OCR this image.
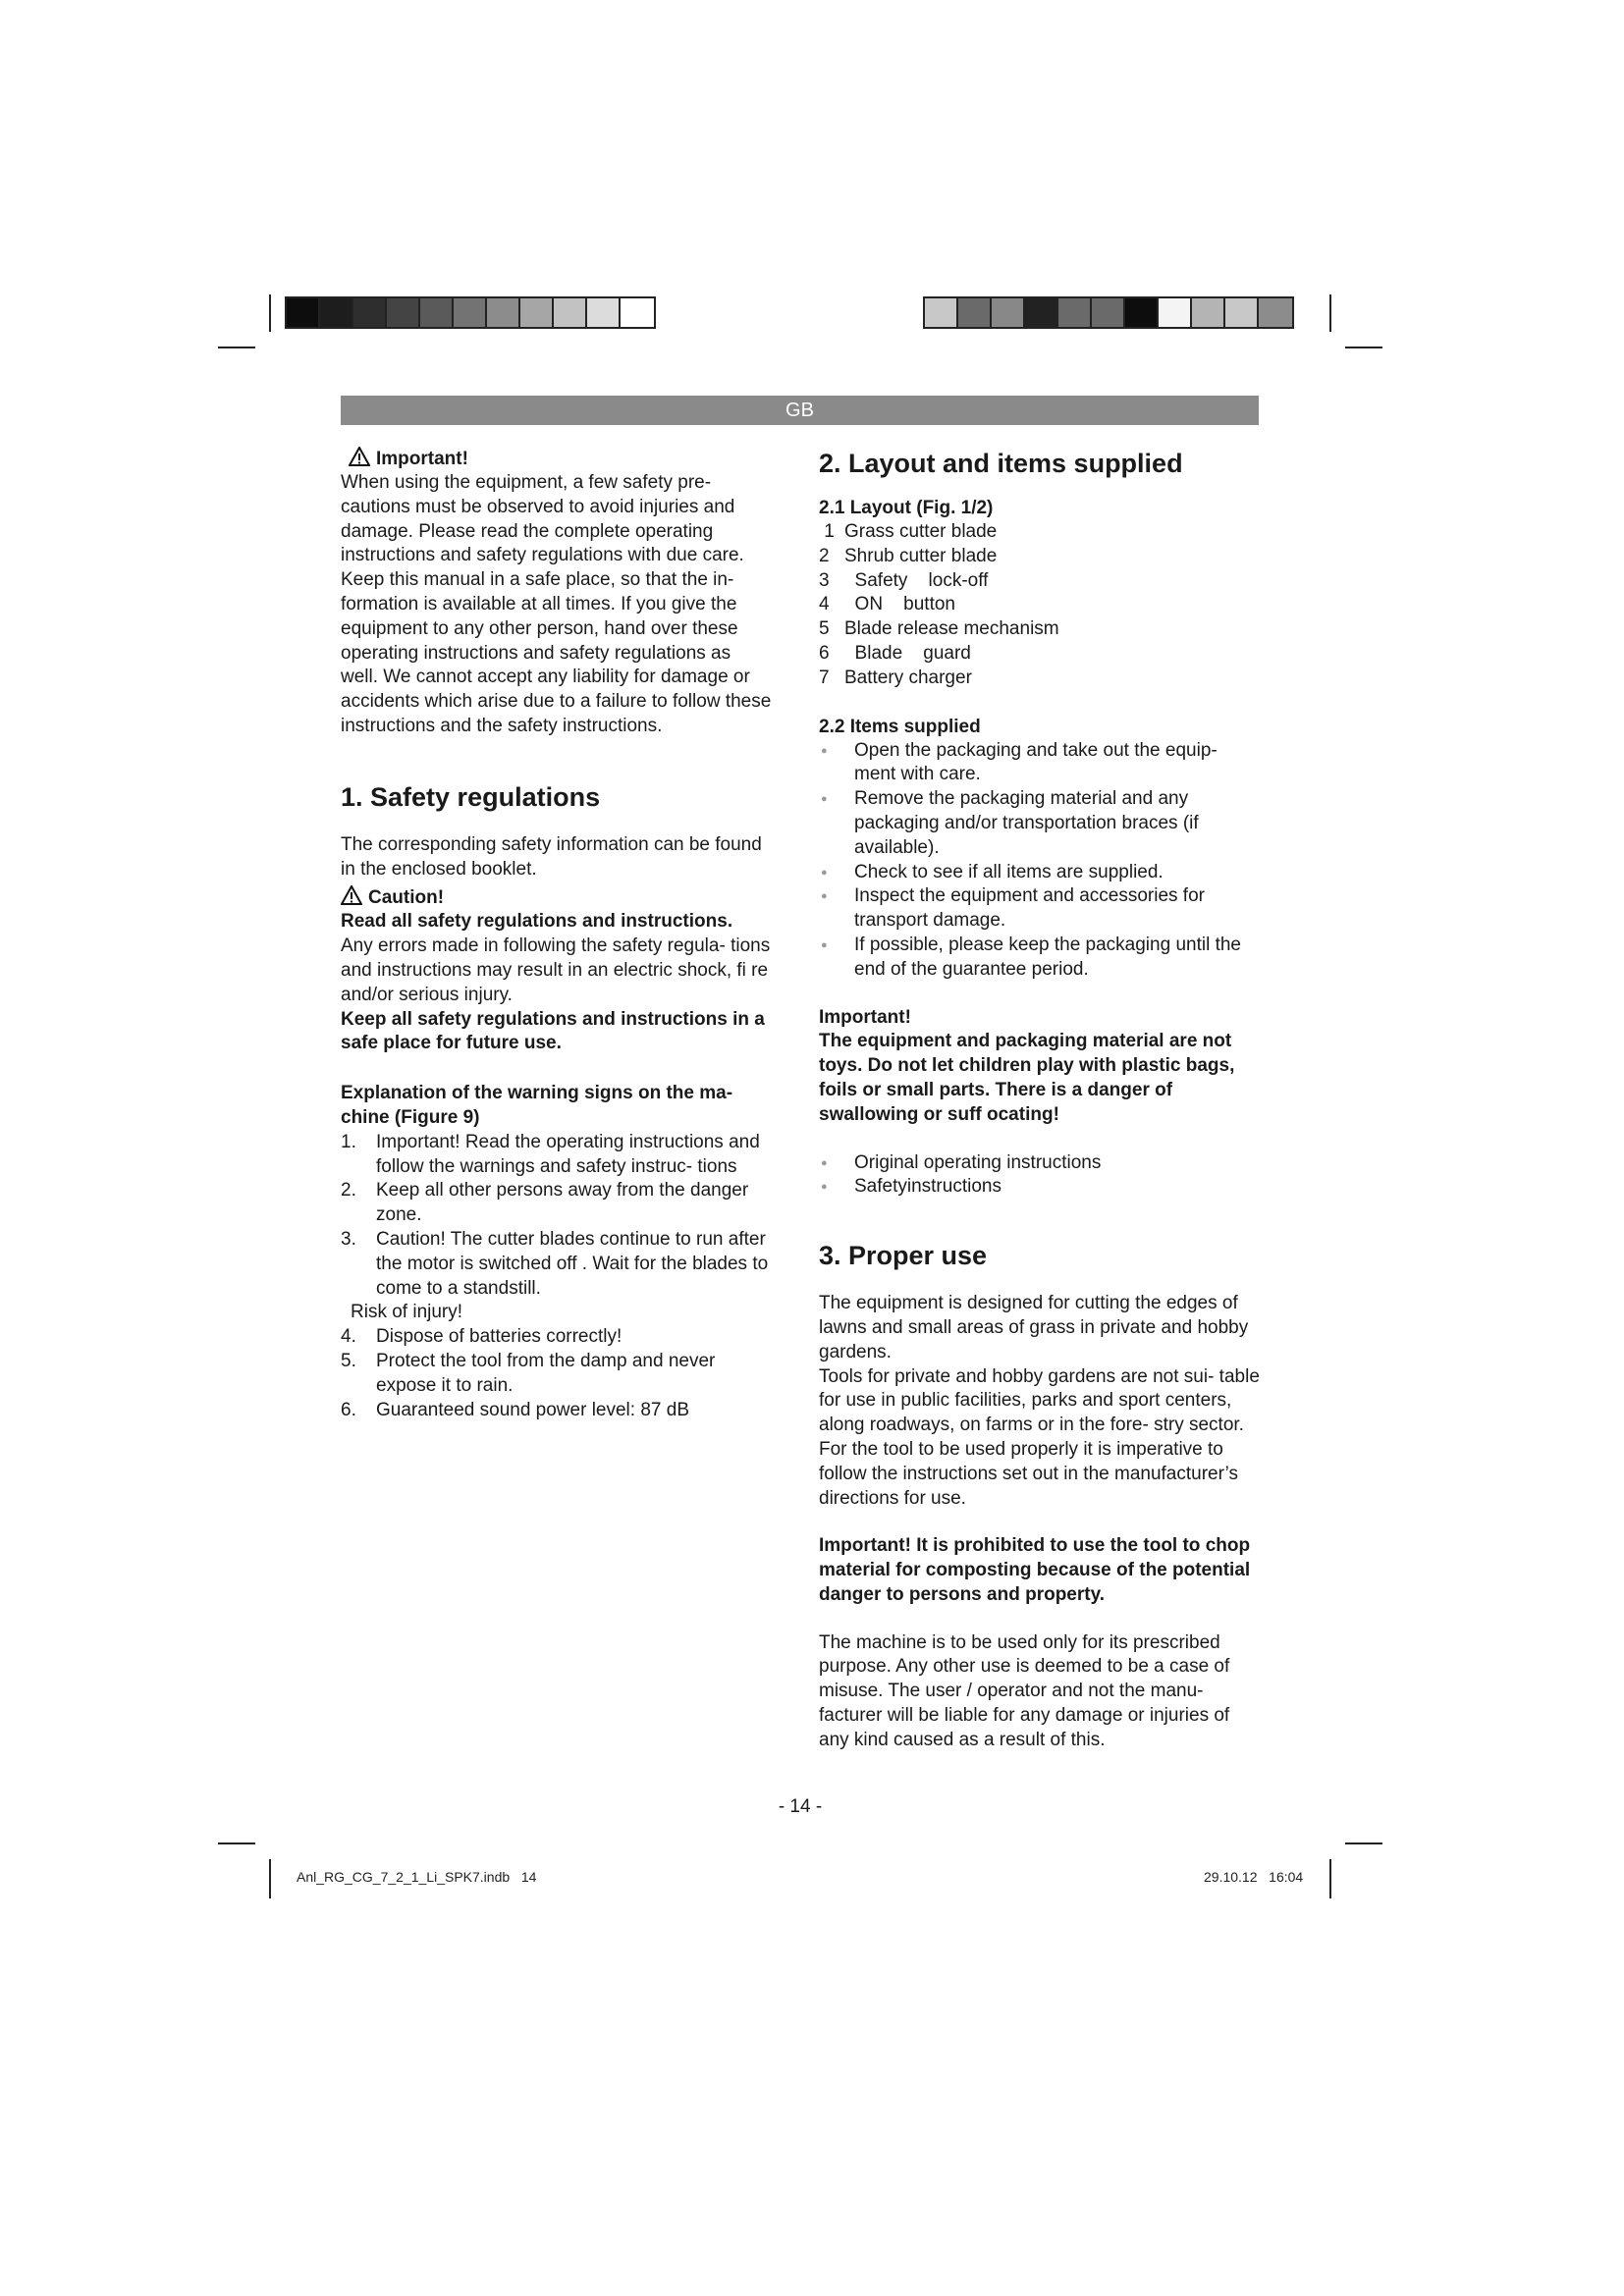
GB
Important!

When using the equipment, a few safety pre- cautions must be observed to avoid injuries and damage. Please read the complete operating instructions and safety regulations with due care. Keep this manual in a safe place, so that the in- formation is available at all times. If you give the equipment to any other person, hand over these operating instructions and safety regulations as well. We cannot accept any liability for damage or accidents which arise due to a failure to follow these instructions and the safety instructions.

1. Safety regulations

The corresponding safety information can be found in the enclosed booklet.

Caution!

Read all safety regulations and instructions.

Any errors made in following the safety regula- tions and instructions may result in an electric shock, fi re and/or serious injury.

Keep all safety regulations and instructions in a safe place for future use.

Explanation of the warning signs on the ma- chine (Figure 9)

1. Important! Read the operating instructions and follow the warnings and safety instruc- tions
2. Keep all other persons away from the danger zone.
3. Caution! The cutter blades continue to run after the motor is switched off . Wait for the blades to come to a standstill.
Risk of injury!
4. Dispose of batteries correctly!
5. Protect the tool from the damp and never expose it to rain.
6. Guaranteed sound power level: 87 dB
2. Layout and items supplied
2.1 Layout (Fig. 1/2)
1 Grass cutter blade
2 Shrub cutter blade
3 Safety    lock-off
4 ON    button
5 Blade release mechanism
6 Blade    guard
7 Battery charger
2.2 Items supplied
● Open the packaging and take out the equip- ment with care.
● Remove the packaging material and any packaging and/or transportation braces (if available).
● Check to see if all items are supplied.
● Inspect the equipment and accessories for transport damage.
● If possible, please keep the packaging until the end of the guarantee period.

Important!

The equipment and packaging material are not toys. Do not let children play with plastic bags, foils or small parts. There is a danger of swallowing or suff ocating!

● Original operating instructions
● Safetyinstructions
3. Proper use

The equipment is designed for cutting the edges of lawns and small areas of grass in private and hobby gardens.

Tools for private and hobby gardens are not sui- table for use in public facilities, parks and sport centers, along roadways, on farms or in the fore- stry sector. For the tool to be used properly it is imperative to follow the instructions set out in the manufacturer’s directions for use.

Important! It is prohibited to use the tool to chop material for composting because of the potential danger to persons and property.

The machine is to be used only for its prescribed purpose. Any other use is deemed to be a case of misuse. The user / operator and not the manu- facturer will be liable for any damage or injuries of any kind caused as a result of this.

- 14 -
Anl_RG_CG_7_2_1_Li_SPK7.indb   14	29.10.12   16:04
